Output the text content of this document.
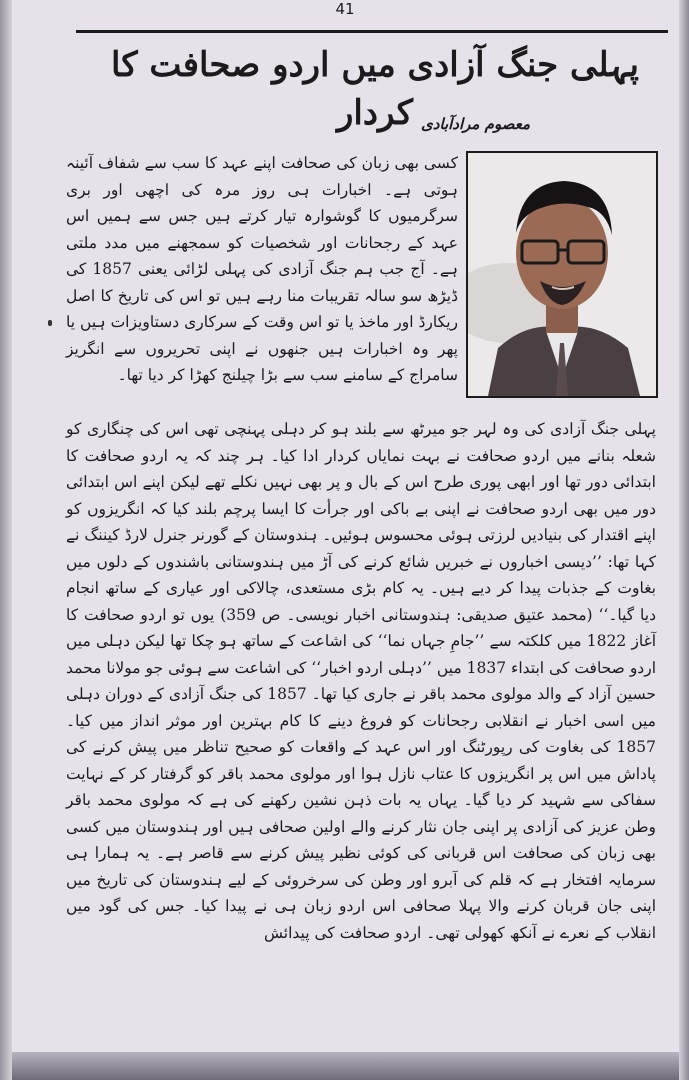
41
پہلی جنگ آزادی میں اردو صحافت کا کردار معصوم مرادآبادی
کسی بھی زبان کی صحافت اپنے عہد کا سب سے شفاف آئینہ ہوتی ہے۔ اخبارات ہی روز مرہ کی اچھی اور بری سرگرمیوں کا گوشوارہ تیار کرتے ہیں جس سے ہمیں اس عہد کے رجحانات اور شخصیات کو سمجھنے میں مدد ملتی ہے۔ آج جب ہم جنگ آزادی کی پہلی لڑائی یعنی 1857 کی ڈیڑھ سو سالہ تقریبات منا رہے ہیں تو اس کی تاریخ کا اصل ریکارڈ اور ماخذ یا تو اس وقت کے سرکاری دستاویزات ہیں یا پھر وہ اخبارات ہیں جنھوں نے اپنی تحریروں سے انگریز سامراج کے سامنے سب سے بڑا چیلنج کھڑا کر دیا تھا۔
پہلی جنگ آزادی کی وہ لہر جو میرٹھ سے بلند ہو کر دہلی پہنچی تھی اس کی چنگاری کو شعلہ بنانے میں اردو صحافت نے بہت نمایاں کردار ادا کیا۔ ہر چند کہ یہ اردو صحافت کا ابتدائی دور تھا اور ابھی پوری طرح اس کے بال و پر بھی نہیں نکلے تھے لیکن اپنے اس ابتدائی دور میں بھی اردو صحافت نے اپنی بے باکی اور جرأت کا ایسا پرچم بلند کیا کہ انگریزوں کو اپنے اقتدار کی بنیادیں لرزتی ہوئی محسوس ہوئیں۔ ہندوستان کے گورنر جنرل لارڈ کیننگ نے کہا تھا: ’’دیسی اخباروں نے خبریں شائع کرنے کی آڑ میں ہندوستانی باشندوں کے دلوں میں بغاوت کے جذبات پیدا کر دیے ہیں۔ یہ کام بڑی مستعدی، چالاکی اور عیاری کے ساتھ انجام دیا گیا۔‘‘ (محمد عتیق صدیقی: ہندوستانی اخبار نویسی۔ ص 359) یوں تو اردو صحافت کا آغاز 1822 میں کلکتہ سے ’’جامِ جہاں نما‘‘ کی اشاعت کے ساتھ ہو چکا تھا لیکن دہلی میں اردو صحافت کی ابتداء 1837 میں ’’دہلی اردو اخبار‘‘ کی اشاعت سے ہوئی جو مولانا محمد حسین آزاد کے والد مولوی محمد باقر نے جاری کیا تھا۔ 1857 کی جنگ آزادی کے دوران دہلی میں اسی اخبار نے انقلابی رجحانات کو فروغ دینے کا کام بہترین اور موثر انداز میں کیا۔ 1857 کی بغاوت کی رپورٹنگ اور اس عہد کے واقعات کو صحیح تناظر میں پیش کرنے کی پاداش میں اس پر انگریزوں کا عتاب نازل ہوا اور مولوی محمد باقر کو گرفتار کر کے نہایت سفاکی سے شہید کر دیا گیا۔ یہاں یہ بات ذہن نشین رکھنے کی ہے کہ مولوی محمد باقر وطن عزیز کی آزادی پر اپنی جان نثار کرنے والے اولین صحافی ہیں اور ہندوستان میں کسی بھی زبان کی صحافت اس قربانی کی کوئی نظیر پیش کرنے سے قاصر ہے۔ یہ ہمارا ہی سرمایہ افتخار ہے کہ قلم کی آبرو اور وطن کی سرخروئی کے لیے ہندوستان کی تاریخ میں اپنی جان قربان کرنے والا پہلا صحافی اس اردو زبان ہی نے پیدا کیا۔ جس کی گود میں انقلاب کے نعرے نے آنکھ کھولی تھی۔ اردو صحافت کی پیدائش
